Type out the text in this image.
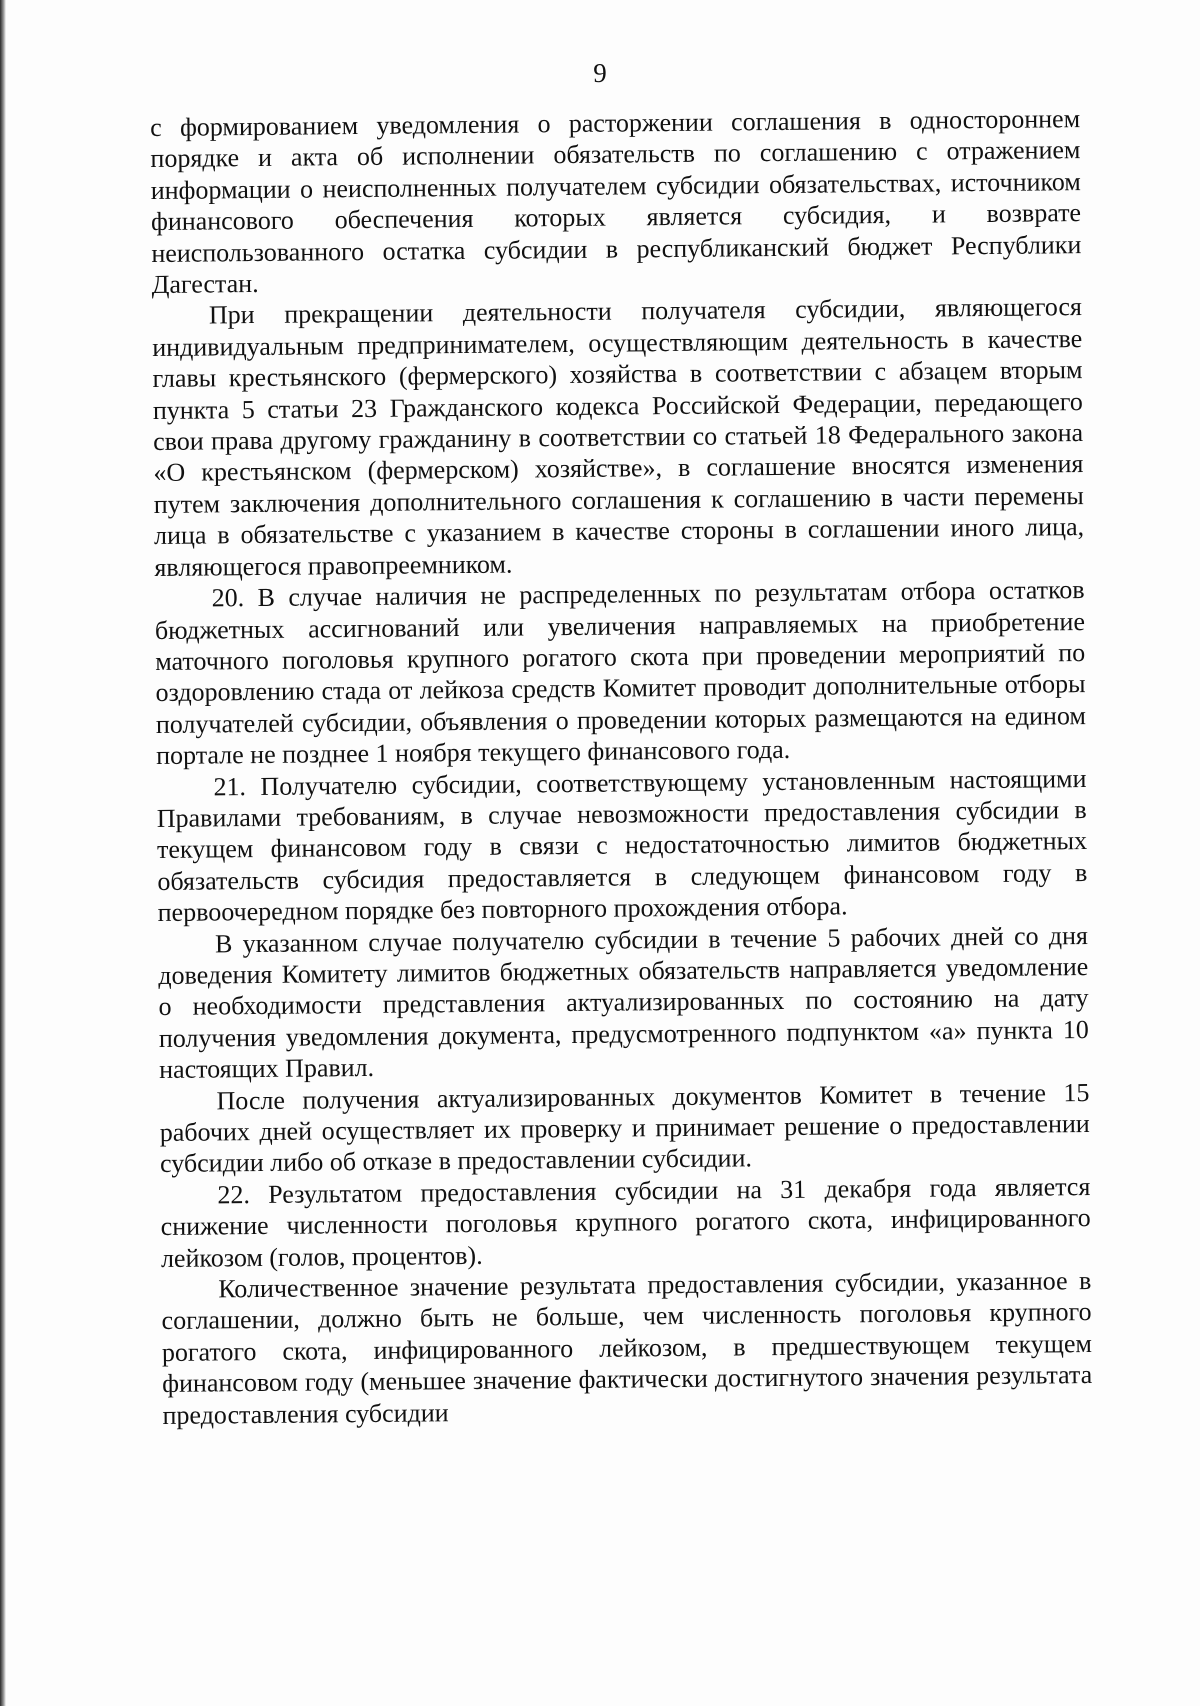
9

с формированием уведомления о расторжении соглашения в одностороннем порядке и акта об исполнении обязательств по соглашению с отражением информации о неисполненных получателем субсидии обязательствах, источником финансового обеспечения которых является субсидия, и возврате неиспользованного остатка субсидии в республиканский бюджет Республики Дагестан.

При прекращении деятельности получателя субсидии, являющегося индивидуальным предпринимателем, осуществляющим деятельность в качестве главы крестьянского (фермерского) хозяйства в соответствии с абзацем вторым пункта 5 статьи 23 Гражданского кодекса Российской Федерации, передающего свои права другому гражданину в соответствии со статьей 18 Федерального закона «О крестьянском (фермерском) хозяйстве», в соглашение вносятся изменения путем заключения дополнительного соглашения к соглашению в части перемены лица в обязательстве с указанием в качестве стороны в соглашении иного лица, являющегося правопреемником.

20. В случае наличия не распределенных по результатам отбора остатков бюджетных ассигнований или увеличения направляемых на приобретение маточного поголовья крупного рогатого скота при проведении мероприятий по оздоровлению стада от лейкоза средств Комитет проводит дополнительные отборы получателей субсидии, объявления о проведении которых размещаются на едином портале не позднее 1 ноября текущего финансового года.

21. Получателю субсидии, соответствующему установленным настоящими Правилами требованиям, в случае невозможности предоставления субсидии в текущем финансовом году в связи с недостаточностью лимитов бюджетных обязательств субсидия предоставляется в следующем финансовом году в первоочередном порядке без повторного прохождения отбора.

В указанном случае получателю субсидии в течение 5 рабочих дней со дня доведения Комитету лимитов бюджетных обязательств направляется уведомление о необходимости представления актуализированных по состоянию на дату получения уведомления документа, предусмотренного подпунктом «а» пункта 10 настоящих Правил.

После получения актуализированных документов Комитет в течение 15 рабочих дней осуществляет их проверку и принимает решение о предоставлении субсидии либо об отказе в предоставлении субсидии.

22. Результатом предоставления субсидии на 31 декабря года является снижение численности поголовья крупного рогатого скота, инфицированного лейкозом (голов, процентов).

Количественное значение результата предоставления субсидии, указанное в соглашении, должно быть не больше, чем численность поголовья крупного рогатого скота, инфицированного лейкозом, в предшествующем текущем финансовом году (меньшее значение фактически достигнутого значения результата предоставления субсидии
